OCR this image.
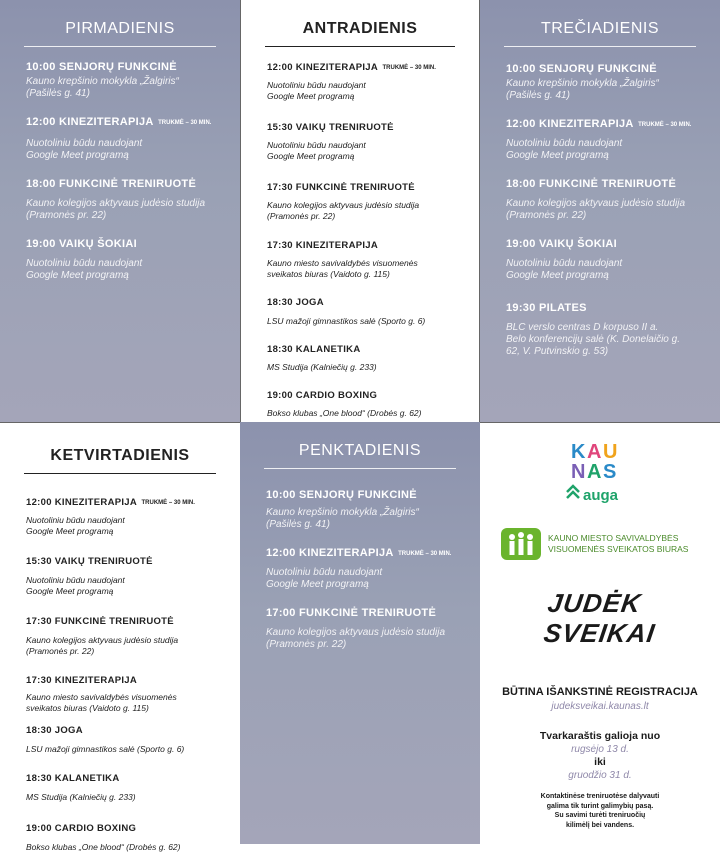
PIRMADIENIS
10:00 SENJORŲ FUNKCINĖ
Kauno krepšinio mokykla „Žalgiris“
(Pašilės g. 41)
12:00 KINEZITERAPIJA TRUKMĖ – 30 MIN.
Nuotoliniu būdu naudojant
Google Meet programą
18:00 FUNKCINĖ TRENIRUOTĖ
Kauno kolegijos aktyvaus judėsio studija
(Pramonės pr. 22)
19:00 VAIKŲ ŠOKIAI
Nuotoliniu būdu naudojant
Google Meet programą
ANTRADIENIS
12:00 KINEZITERAPIJA TRUKMĖ – 30 MIN.
Nuotoliniu būdu naudojant
Google Meet programą
15:30 VAIKŲ TRENIRUOTĖ
Nuotoliniu būdu naudojant
Google Meet programą
17:30 FUNKCINĖ TRENIRUOTĖ
Kauno kolegijos aktyvaus judėsio studija
(Pramonės pr. 22)
17:30 KINEZITERAPIJA
Kauno miesto savivaldybės visuomenės
sveikatos biuras (Vaidoto g. 115)
18:30 JOGA
LSU mažoji gimnastikos salė (Sporto g. 6)
18:30 KALANETIKA
MS Studija (Kalniečių g. 233)
19:00 CARDIO BOXING
Bokso klubas „One blood“ (Drobės g. 62)
TREČIADIENIS
10:00 SENJORŲ FUNKCINĖ
Kauno krepšinio mokykla „Žalgiris“
(Pašilės g. 41)
12:00 KINEZITERAPIJA TRUKMĖ – 30 MIN.
Nuotoliniu būdu naudojant
Google Meet programą
18:00 FUNKCINĖ TRENIRUOTĖ
Kauno kolegijos aktyvaus judėsio studija
(Pramonės pr. 22)
19:00 VAIKŲ ŠOKIAI
Nuotoliniu būdu naudojant
Google Meet programą
19:30 PILATES
BLC verslo centras D korpuso II a.
Belo konferencijų salė (K. Donelaičio g.
62, V. Putvinskio g. 53)
KETVIRTADIENIS
12:00 KINEZITERAPIJA TRUKMĖ – 30 MIN.
Nuotoliniu būdu naudojant
Google Meet programą
15:30 VAIKŲ TRENIRUOTĖ
Nuotoliniu būdu naudojant
Google Meet programą
17:30 FUNKCINĖ TRENIRUOTĖ
Kauno kolegijos aktyvaus judėsio studija
(Pramonės pr. 22)
17:30 KINEZITERAPIJA
Kauno miesto savivaldybės visuomenės
sveikatos biuras (Vaidoto g. 115)
18:30 JOGA
LSU mažoji gimnastikos salė (Sporto g. 6)
18:30 KALANETIKA
MS Studija (Kalniečių g. 233)
19:00 CARDIO BOXING
Bokso klubas „One blood“ (Drobės g. 62)
PENKTADIENIS
10:00 SENJORŲ FUNKCINĖ
Kauno krepšinio mokykla „Žalgiris“
(Pašilės g. 41)
12:00 KINEZITERAPIJA TRUKMĖ – 30 MIN.
Nuotoliniu būdu naudojant
Google Meet programą
17:00 FUNKCINĖ TRENIRUOTĖ
Kauno kolegijos aktyvaus judėsio studija
(Pramonės pr. 22)
K A U
N A S
auga
KAUNO MIESTO SAVIVALDYBĖS
VISUOMENĖS SVEIKATOS BIURAS
JUDĖK
SVEIKAI
BŪTINA IŠANKSTINĖ REGISTRACIJA
judeksveikai.kaunas.lt
Tvarkaraštis galioja nuo
rugsėjo 13 d.
iki
gruodžio 31 d.
Kontaktinėse treniruotėse dalyvauti
galima tik turint galimybių pasą.
Su savimi turėti treniruočių
kilimėlį bei vandens.
